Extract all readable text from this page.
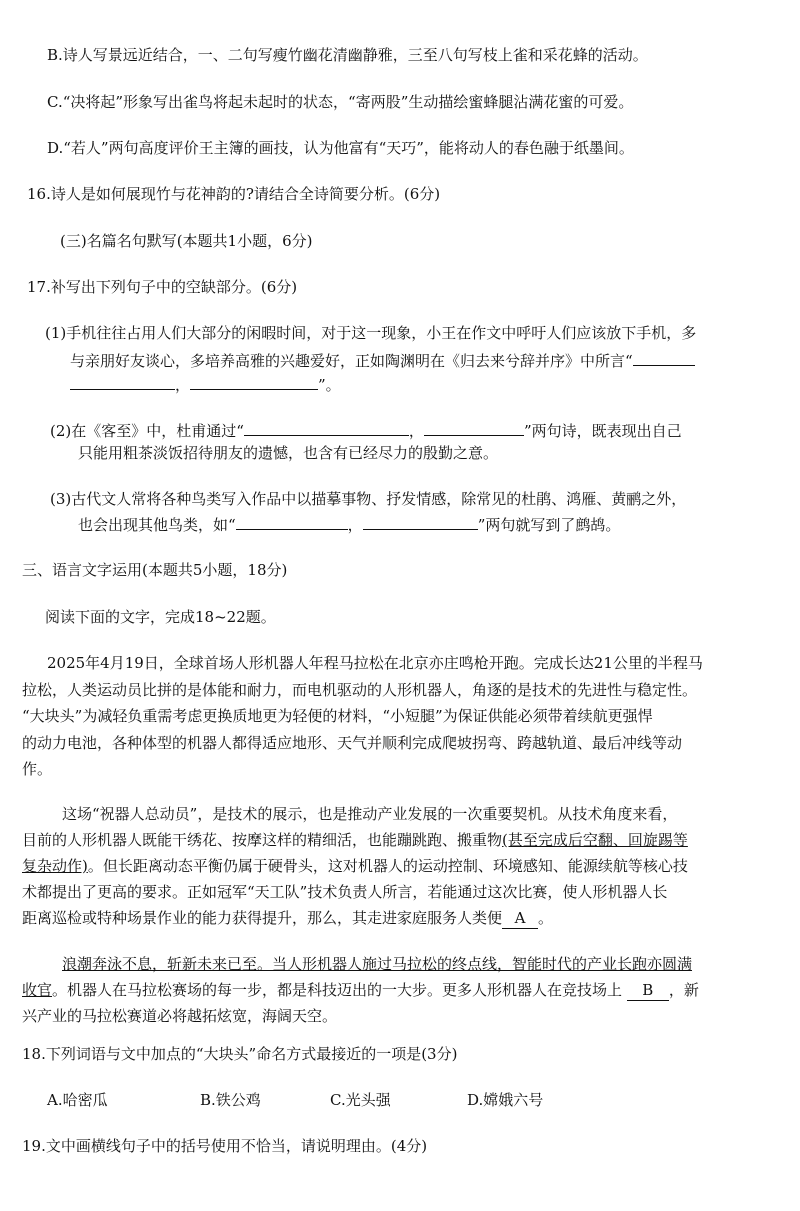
B.诗人写景远近结合，一、二句写瘦竹幽花清幽静雅，三至八句写枝上雀和采花蜂的活动。
C.“决将起”形象写出雀鸟将起未起时的状态，“寄两股”生动描绘蜜蜂腿沾满花蜜的可爱。
D.“若人”两句高度评价王主簿的画技，认为他富有“天巧”，能将动人的春色融于纸墨间。
16.诗人是如何展现竹与花神韵的?请结合全诗简要分析。(6分)
(三)名篇名句默写(本题共1小题，6分)
17.补写出下列句子中的空缺部分。(6分)
(1)手机往往占用人们大部分的闲暇时间，对于这一现象，小王在作文中呼吁人们应该放下手机，多
与亲朋好友谈心，多培养高雅的兴趣爱好，正如陶渊明在《归去来兮辞并序》中所言“
，	”。
(2)在《客至》中，杜甫通过“	，	”两句诗，既表现出自己
只能用粗茶淡饭招待朋友的遗憾，也含有已经尽力的殷勤之意。
(3)古代文人常将各种鸟类写入作品中以描摹事物、抒发情感，除常见的杜鹃、鸿雁、黄鹂之外，
也会出现其他鸟类，如“	，	”两句就写到了鹧鸪。
三、语言文字运用(本题共5小题，18分)
阅读下面的文字，完成18~22题。
2025年4月19日，全球首场人形机器人年程马拉松在北京亦庄鸣枪开跑。完成长达21公里的半程马
拉松，人类运动员比拼的是体能和耐力，而电机驱动的人形机器人，角逐的是技术的先进性与稳定性。
“大块头”为减轻负重需考虑更换质地更为轻便的材料，“小短腿”为保证供能必须带着续航更强悍
的动力电池，各种体型的机器人都得适应地形、天气并顺利完成爬坡拐弯、跨越轨道、最后冲线等动
作。
这场“祝器人总动员”，是技术的展示，也是推动产业发展的一次重要契机。从技术角度来看，
目前的人形机器人既能干绣花、按摩这样的精细活，也能蹦跳跑、搬重物(甚至完成后空翻、回旋踢等
复杂动作)。但长距离动态平衡仍属于硬骨头，这对机器人的运动控制、环境感知、能源续航等核心技
术都提出了更高的要求。正如冠军“天工队”技术负责人所言，若能通过这次比赛，使人形机器人长
距离巡检或特种场景作业的能力获得提升，那么，其走进家庭服务人类便 A 。
浪潮奔泳不息，斩新未来已至。当人形机器人施过马拉松的终点线，智能时代的产业长跑亦圆满
收官。机器人在马拉松赛场的每一步，都是科技迈出的一大步。更多人形机器人在竞技场上 B ，新
兴产业的马拉松赛道必将越拓炫宽，海阔天空。
18.下列词语与文中加点的“大块头”命名方式最接近的一项是(3分)
A.哈密瓜	B.铁公鸡	C.光头强	D.嫦娥六号
19.文中画横线句子中的括号使用不恰当，请说明理由。(4分)
